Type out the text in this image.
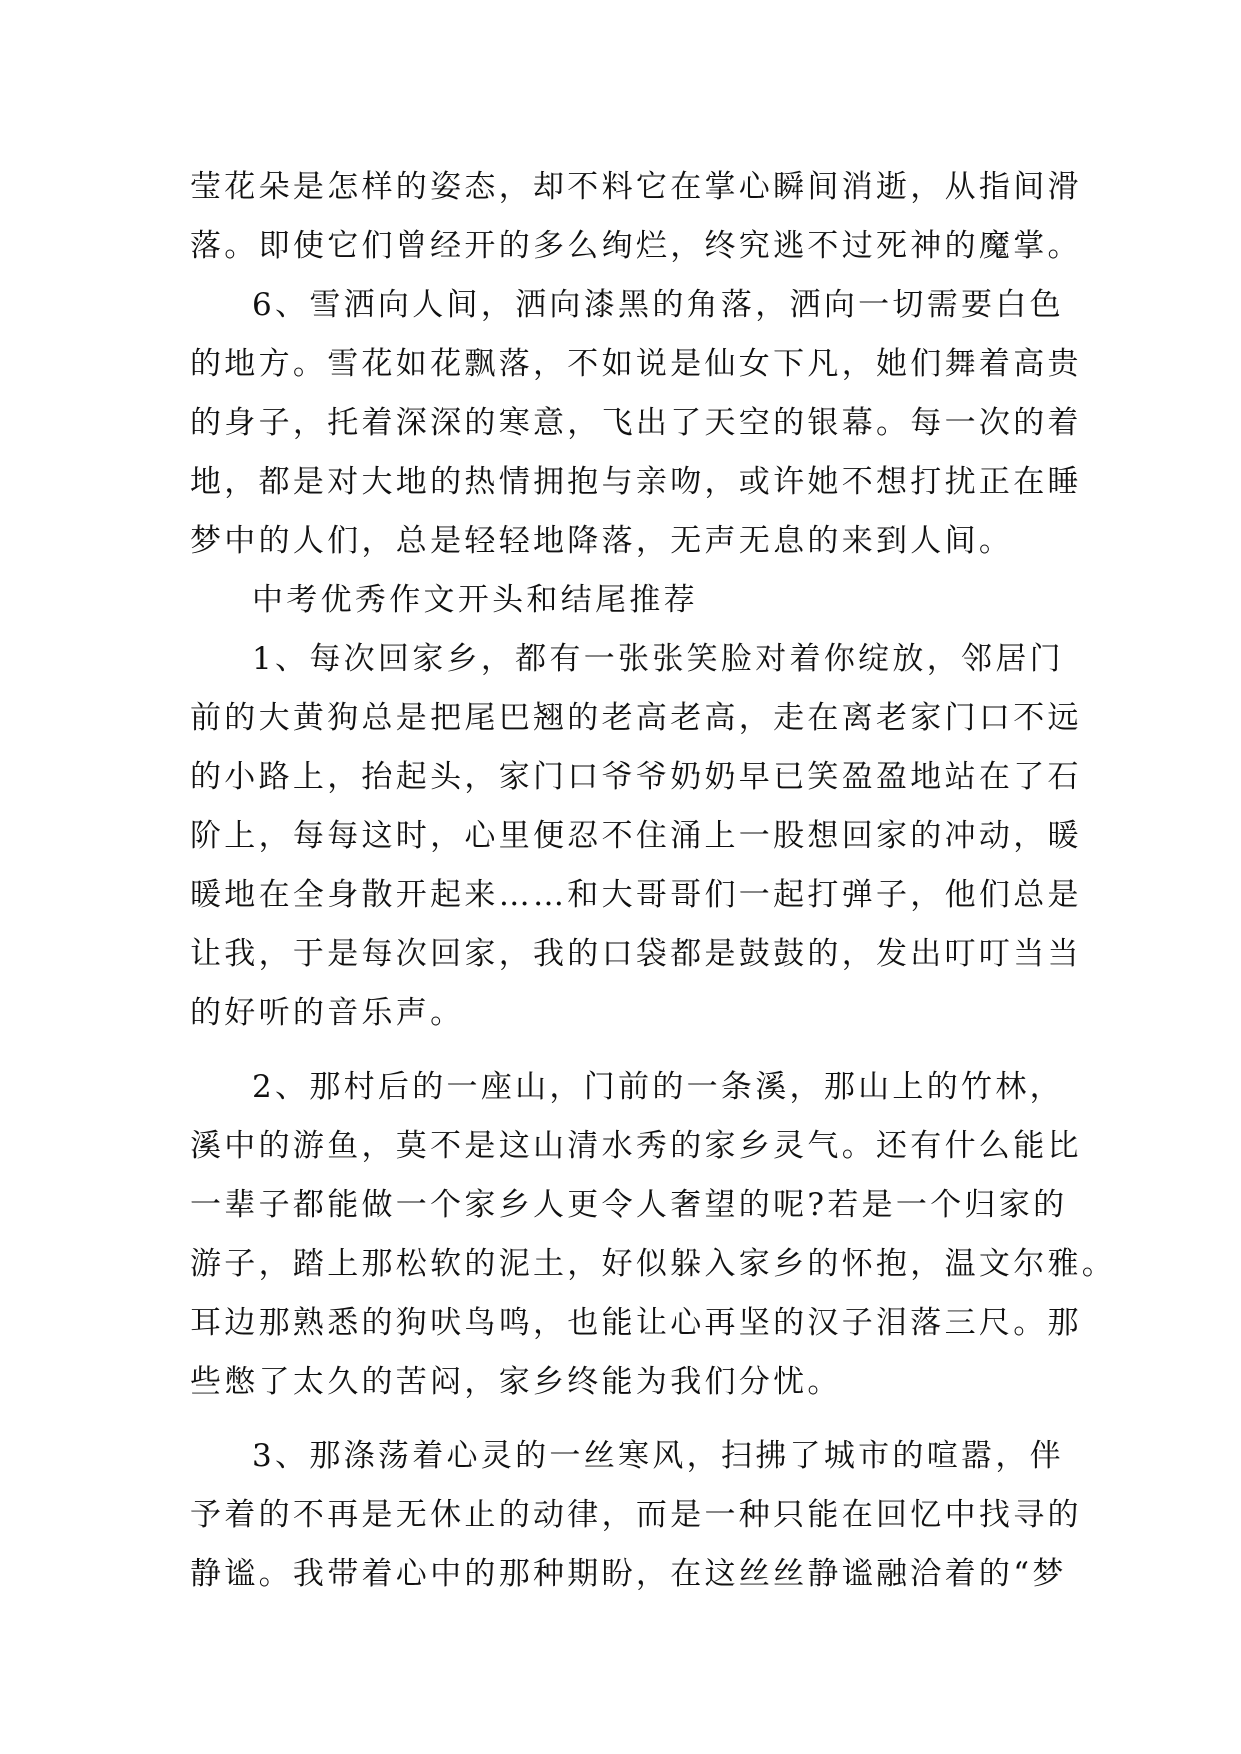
莹花朵是怎样的姿态，却不料它在掌心瞬间消逝，从指间滑
落。即使它们曾经开的多么绚烂，终究逃不过死神的魔掌。
6、雪洒向人间，洒向漆黑的角落，洒向一切需要白色
的地方。雪花如花飘落，不如说是仙女下凡，她们舞着高贵
的身子，托着深深的寒意，飞出了天空的银幕。每一次的着
地，都是对大地的热情拥抱与亲吻，或许她不想打扰正在睡
梦中的人们，总是轻轻地降落，无声无息的来到人间。
中考优秀作文开头和结尾推荐
1、每次回家乡，都有一张张笑脸对着你绽放，邻居门
前的大黄狗总是把尾巴翘的老高老高，走在离老家门口不远
的小路上，抬起头，家门口爷爷奶奶早已笑盈盈地站在了石
阶上，每每这时，心里便忍不住涌上一股想回家的冲动，暖
暖地在全身散开起来……和大哥哥们一起打弹子，他们总是
让我，于是每次回家，我的口袋都是鼓鼓的，发出叮叮当当
的好听的音乐声。
2、那村后的一座山，门前的一条溪，那山上的竹林，
溪中的游鱼，莫不是这山清水秀的家乡灵气。还有什么能比
一辈子都能做一个家乡人更令人奢望的呢?若是一个归家的
游子，踏上那松软的泥土，好似躲入家乡的怀抱，温文尔雅。
耳边那熟悉的狗吠鸟鸣，也能让心再坚的汉子泪落三尺。那
些憋了太久的苦闷，家乡终能为我们分忧。
3、那涤荡着心灵的一丝寒风，扫拂了城市的喧嚣，伴
予着的不再是无休止的动律，而是一种只能在回忆中找寻的
静谧。我带着心中的那种期盼，在这丝丝静谧融洽着的“梦
